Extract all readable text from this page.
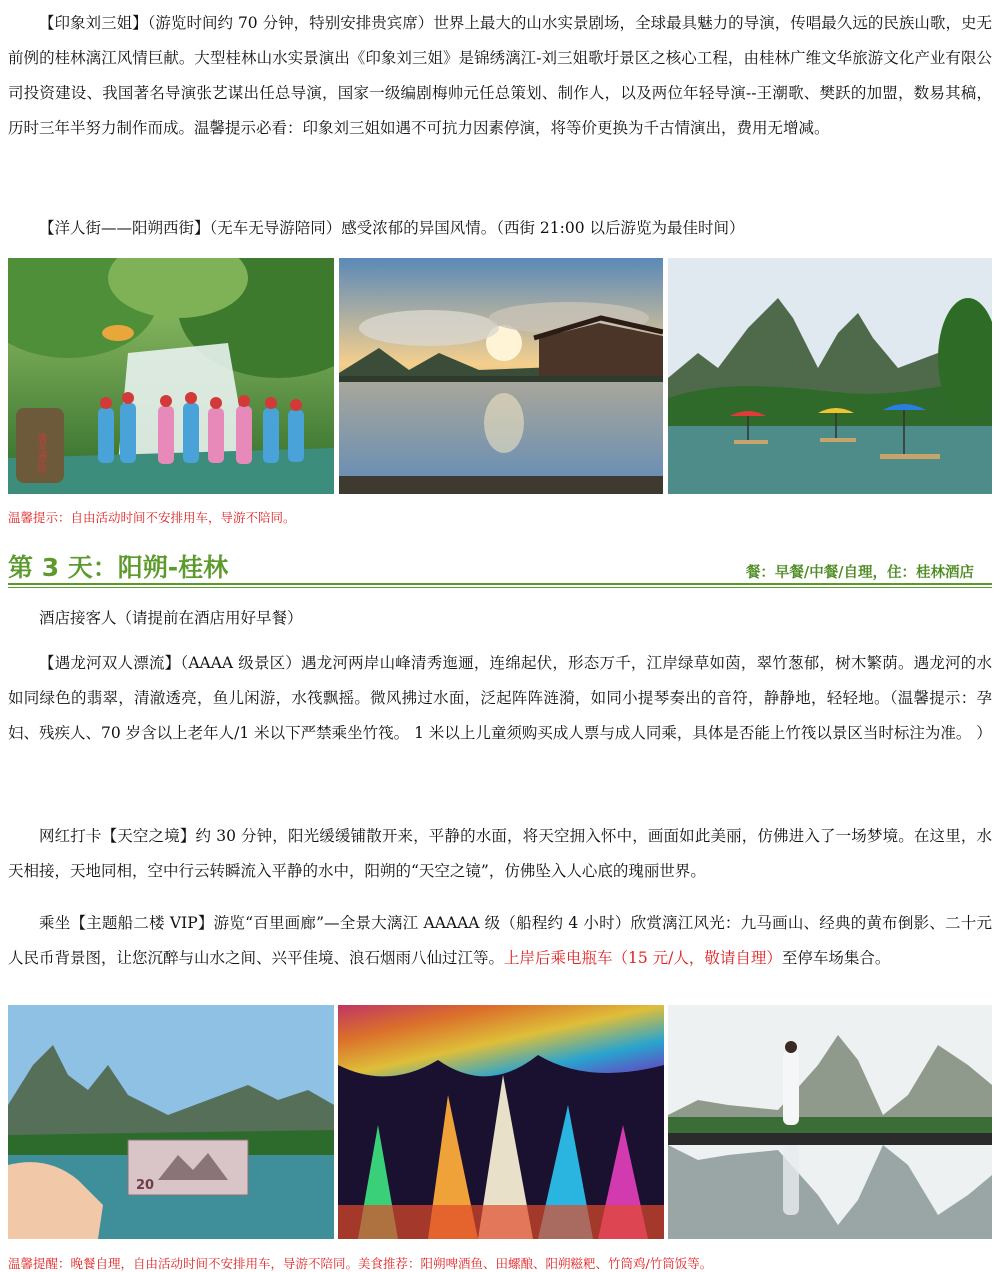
【印象刘三姐】（游览时间约 70 分钟，特别安排贵宾席）世界上最大的山水实景剧场，全球最具魅力的导演，传唱最久远的民族山歌，史无前例的桂林漓江风情巨献。大型桂林山水实景演出《印象刘三姐》是锦绣漓江-刘三姐歌圩景区之核心工程，由桂林广维文华旅游文化产业有限公司投资建设、我国著名导演张艺谋出任总导演，国家一级编剧梅帅元任总策划、制作人，以及两位年轻导演--王潮歌、樊跃的加盟，数易其稿，历时三年半努力制作而成。温馨提示必看：印象刘三姐如遇不可抗力因素停演，将等价更换为千古情演出，费用无增减。

【洋人街——阳朔西街】（无车无导游陪同）感受浓郁的异国风情。（西街 21:00 以后游览为最佳时间）

遇龙漂流
温馨提示：自由活动时间不安排用车，导游不陪同。
第 3 天：阳朔-桂林	餐：早餐/中餐/自理，住：桂林酒店

酒店接客人（请提前在酒店用好早餐）

【遇龙河双人漂流】（AAAA 级景区）遇龙河两岸山峰清秀迤逦，连绵起伏，形态万千，江岸绿草如茵，翠竹葱郁，树木繁荫。遇龙河的水如同绿色的翡翠，清澈透亮，鱼儿闲游，水筏飘摇。微风拂过水面，泛起阵阵涟漪，如同小提琴奏出的音符，静静地，轻轻地。（温馨提示：孕妇、残疾人、70 岁含以上老年人/1 米以下严禁乘坐竹筏。 1 米以上儿童须购买成人票与成人同乘，具体是否能上竹筏以景区当时标注为准。 ）

网红打卡【天空之境】约 30 分钟，阳光缓缓铺散开来，平静的水面，将天空拥入怀中，画面如此美丽，仿佛进入了一场梦境。在这里，水天相接，天地同相，空中行云转瞬流入平静的水中，阳朔的“天空之镜”，仿佛坠入人心底的瑰丽世界。

乘坐【主题船二楼 VIP】游览“百里画廊”—全景大漓江 AAAAA 级（船程约 4 小时）欣赏漓江风光：九马画山、经典的黄布倒影、二十元人民币背景图，让您沉醉与山水之间、兴平佳境、浪石烟雨八仙过江等。上岸后乘电瓶车（15 元/人，敬请自理）至停车场集合。

20
温馨提醒：晚餐自理，自由活动时间不安排用车，导游不陪同。美食推荐：阳朔啤酒鱼、田螺酿、阳朔糍粑、竹筒鸡/竹筒饭等。
